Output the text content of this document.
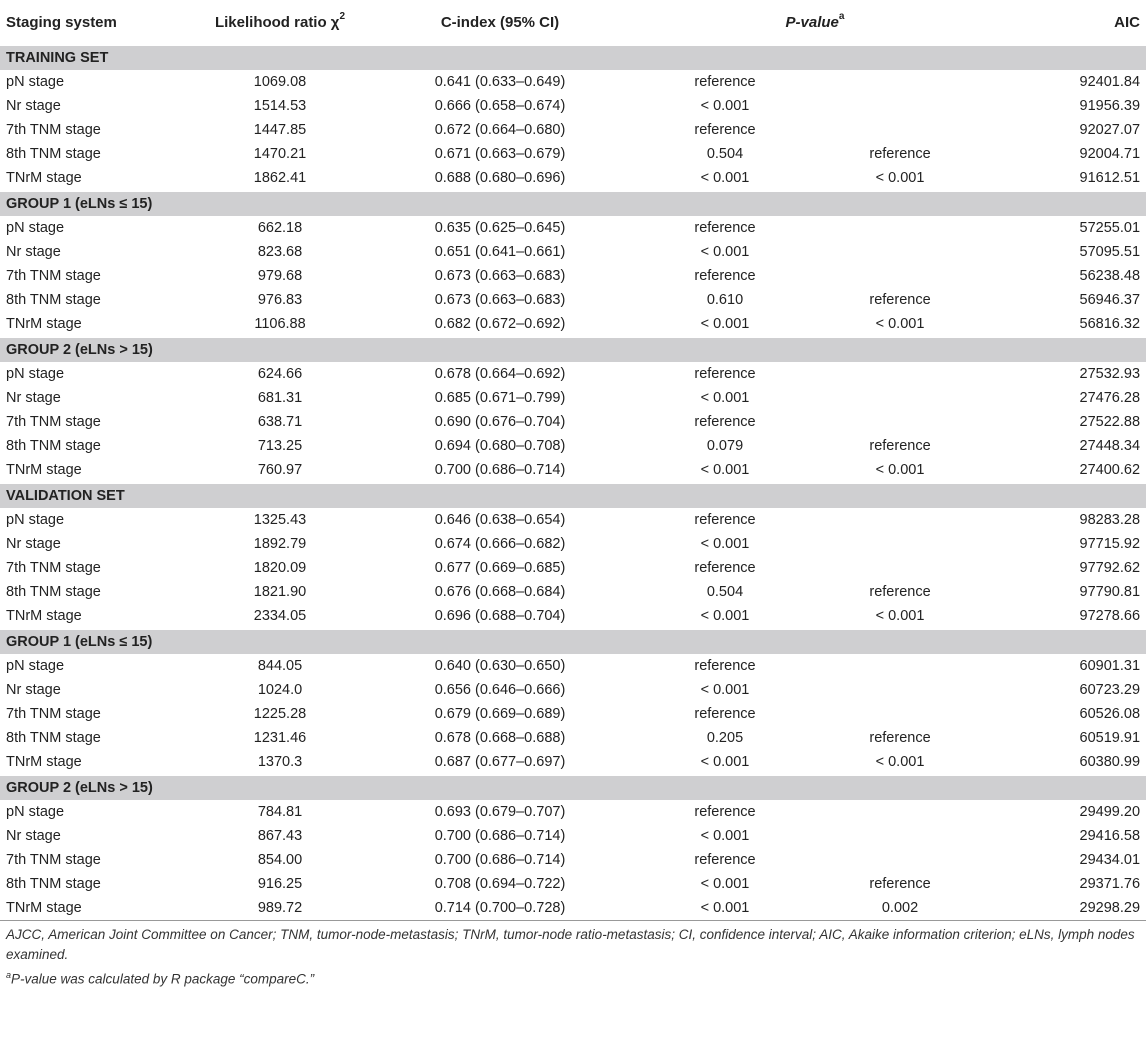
Staging system	Likelihood ratio $\chi^2$	C-index (95% CI)	P-value$^a$		AIC
TRAINING SET					
pN stage	1069.08	0.641 (0.633–0.649)	reference		92401.84
Nr stage	1514.53	0.666 (0.658–0.674)	< 0.001		91956.39
7th TNM stage	1447.85	0.672 (0.664–0.680)	reference		92027.07
8th TNM stage	1470.21	0.671 (0.663–0.679)	0.504	reference	92004.71
TNrM stage	1862.41	0.688 (0.680–0.696)	< 0.001	< 0.001	91612.51
GROUP 1 (eLNs ≤ 15)					
pN stage	662.18	0.635 (0.625–0.645)	reference		57255.01
Nr stage	823.68	0.651 (0.641–0.661)	< 0.001		57095.51
7th TNM stage	979.68	0.673 (0.663–0.683)	reference		56238.48
8th TNM stage	976.83	0.673 (0.663–0.683)	0.610	reference	56946.37
TNrM stage	1106.88	0.682 (0.672–0.692)	< 0.001	< 0.001	56816.32
GROUP 2 (eLNs > 15)					
pN stage	624.66	0.678 (0.664–0.692)	reference		27532.93
Nr stage	681.31	0.685 (0.671–0.799)	< 0.001		27476.28
7th TNM stage	638.71	0.690 (0.676–0.704)	reference		27522.88
8th TNM stage	713.25	0.694 (0.680–0.708)	0.079	reference	27448.34
TNrM stage	760.97	0.700 (0.686–0.714)	< 0.001	< 0.001	27400.62
VALIDATION SET					
pN stage	1325.43	0.646 (0.638–0.654)	reference		98283.28
Nr stage	1892.79	0.674 (0.666–0.682)	< 0.001		97715.92
7th TNM stage	1820.09	0.677 (0.669–0.685)	reference		97792.62
8th TNM stage	1821.90	0.676 (0.668–0.684)	0.504	reference	97790.81
TNrM stage	2334.05	0.696 (0.688–0.704)	< 0.001	< 0.001	97278.66
GROUP 1 (eLNs ≤ 15)					
pN stage	844.05	0.640 (0.630–0.650)	reference		60901.31
Nr stage	1024.0	0.656 (0.646–0.666)	< 0.001		60723.29
7th TNM stage	1225.28	0.679 (0.669–0.689)	reference		60526.08
8th TNM stage	1231.46	0.678 (0.668–0.688)	0.205	reference	60519.91
TNrM stage	1370.3	0.687 (0.677–0.697)	< 0.001	< 0.001	60380.99
GROUP 2 (eLNs > 15)					
pN stage	784.81	0.693 (0.679–0.707)	reference		29499.20
Nr stage	867.43	0.700 (0.686–0.714)	< 0.001		29416.58
7th TNM stage	854.00	0.700 (0.686–0.714)	reference		29434.01
8th TNM stage	916.25	0.708 (0.694–0.722)	< 0.001	reference	29371.76
TNrM stage	989.72	0.714 (0.700–0.728)	< 0.001	0.002	29298.29
AJCC, American Joint Committee on Cancer; TNM, tumor-node-metastasis; TNrM, tumor-node ratio-metastasis; CI, confidence interval; AIC, Akaike information criterion; eLNs, lymph nodes examined.
$^a$P-value was calculated by R package “compareC.”
